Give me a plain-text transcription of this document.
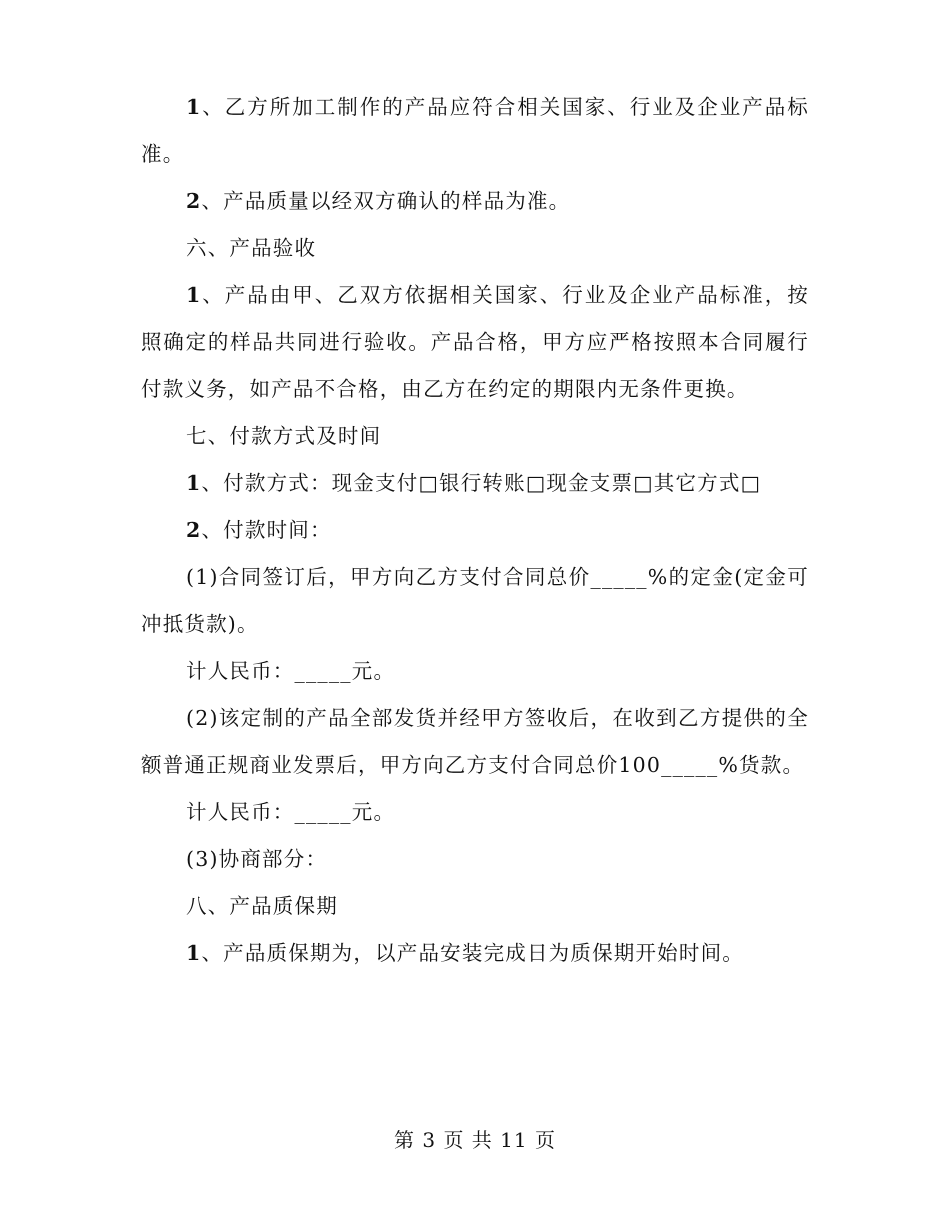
1、乙方所加工制作的产品应符合相关国家、行业及企业产品标准。

2、产品质量以经双方确认的样品为准。

六、产品验收

1、产品由甲、乙双方依据相关国家、行业及企业产品标准，按照确定的样品共同进行验收。产品合格，甲方应严格按照本合同履行付款义务，如产品不合格，由乙方在约定的期限内无条件更换。

七、付款方式及时间

1、付款方式：现金支付□银行转账□现金支票□其它方式□

2、付款时间：

(1)合同签订后，甲方向乙方支付合同总价_____%的定金(定金可冲抵货款)。

计人民币：_____元。

(2)该定制的产品全部发货并经甲方签收后，在收到乙方提供的全额普通正规商业发票后，甲方向乙方支付合同总价100_____%货款。

计人民币：_____元。

(3)协商部分：

八、产品质保期

1、产品质保期为，以产品安装完成日为质保期开始时间。

第 3 页 共 11 页
